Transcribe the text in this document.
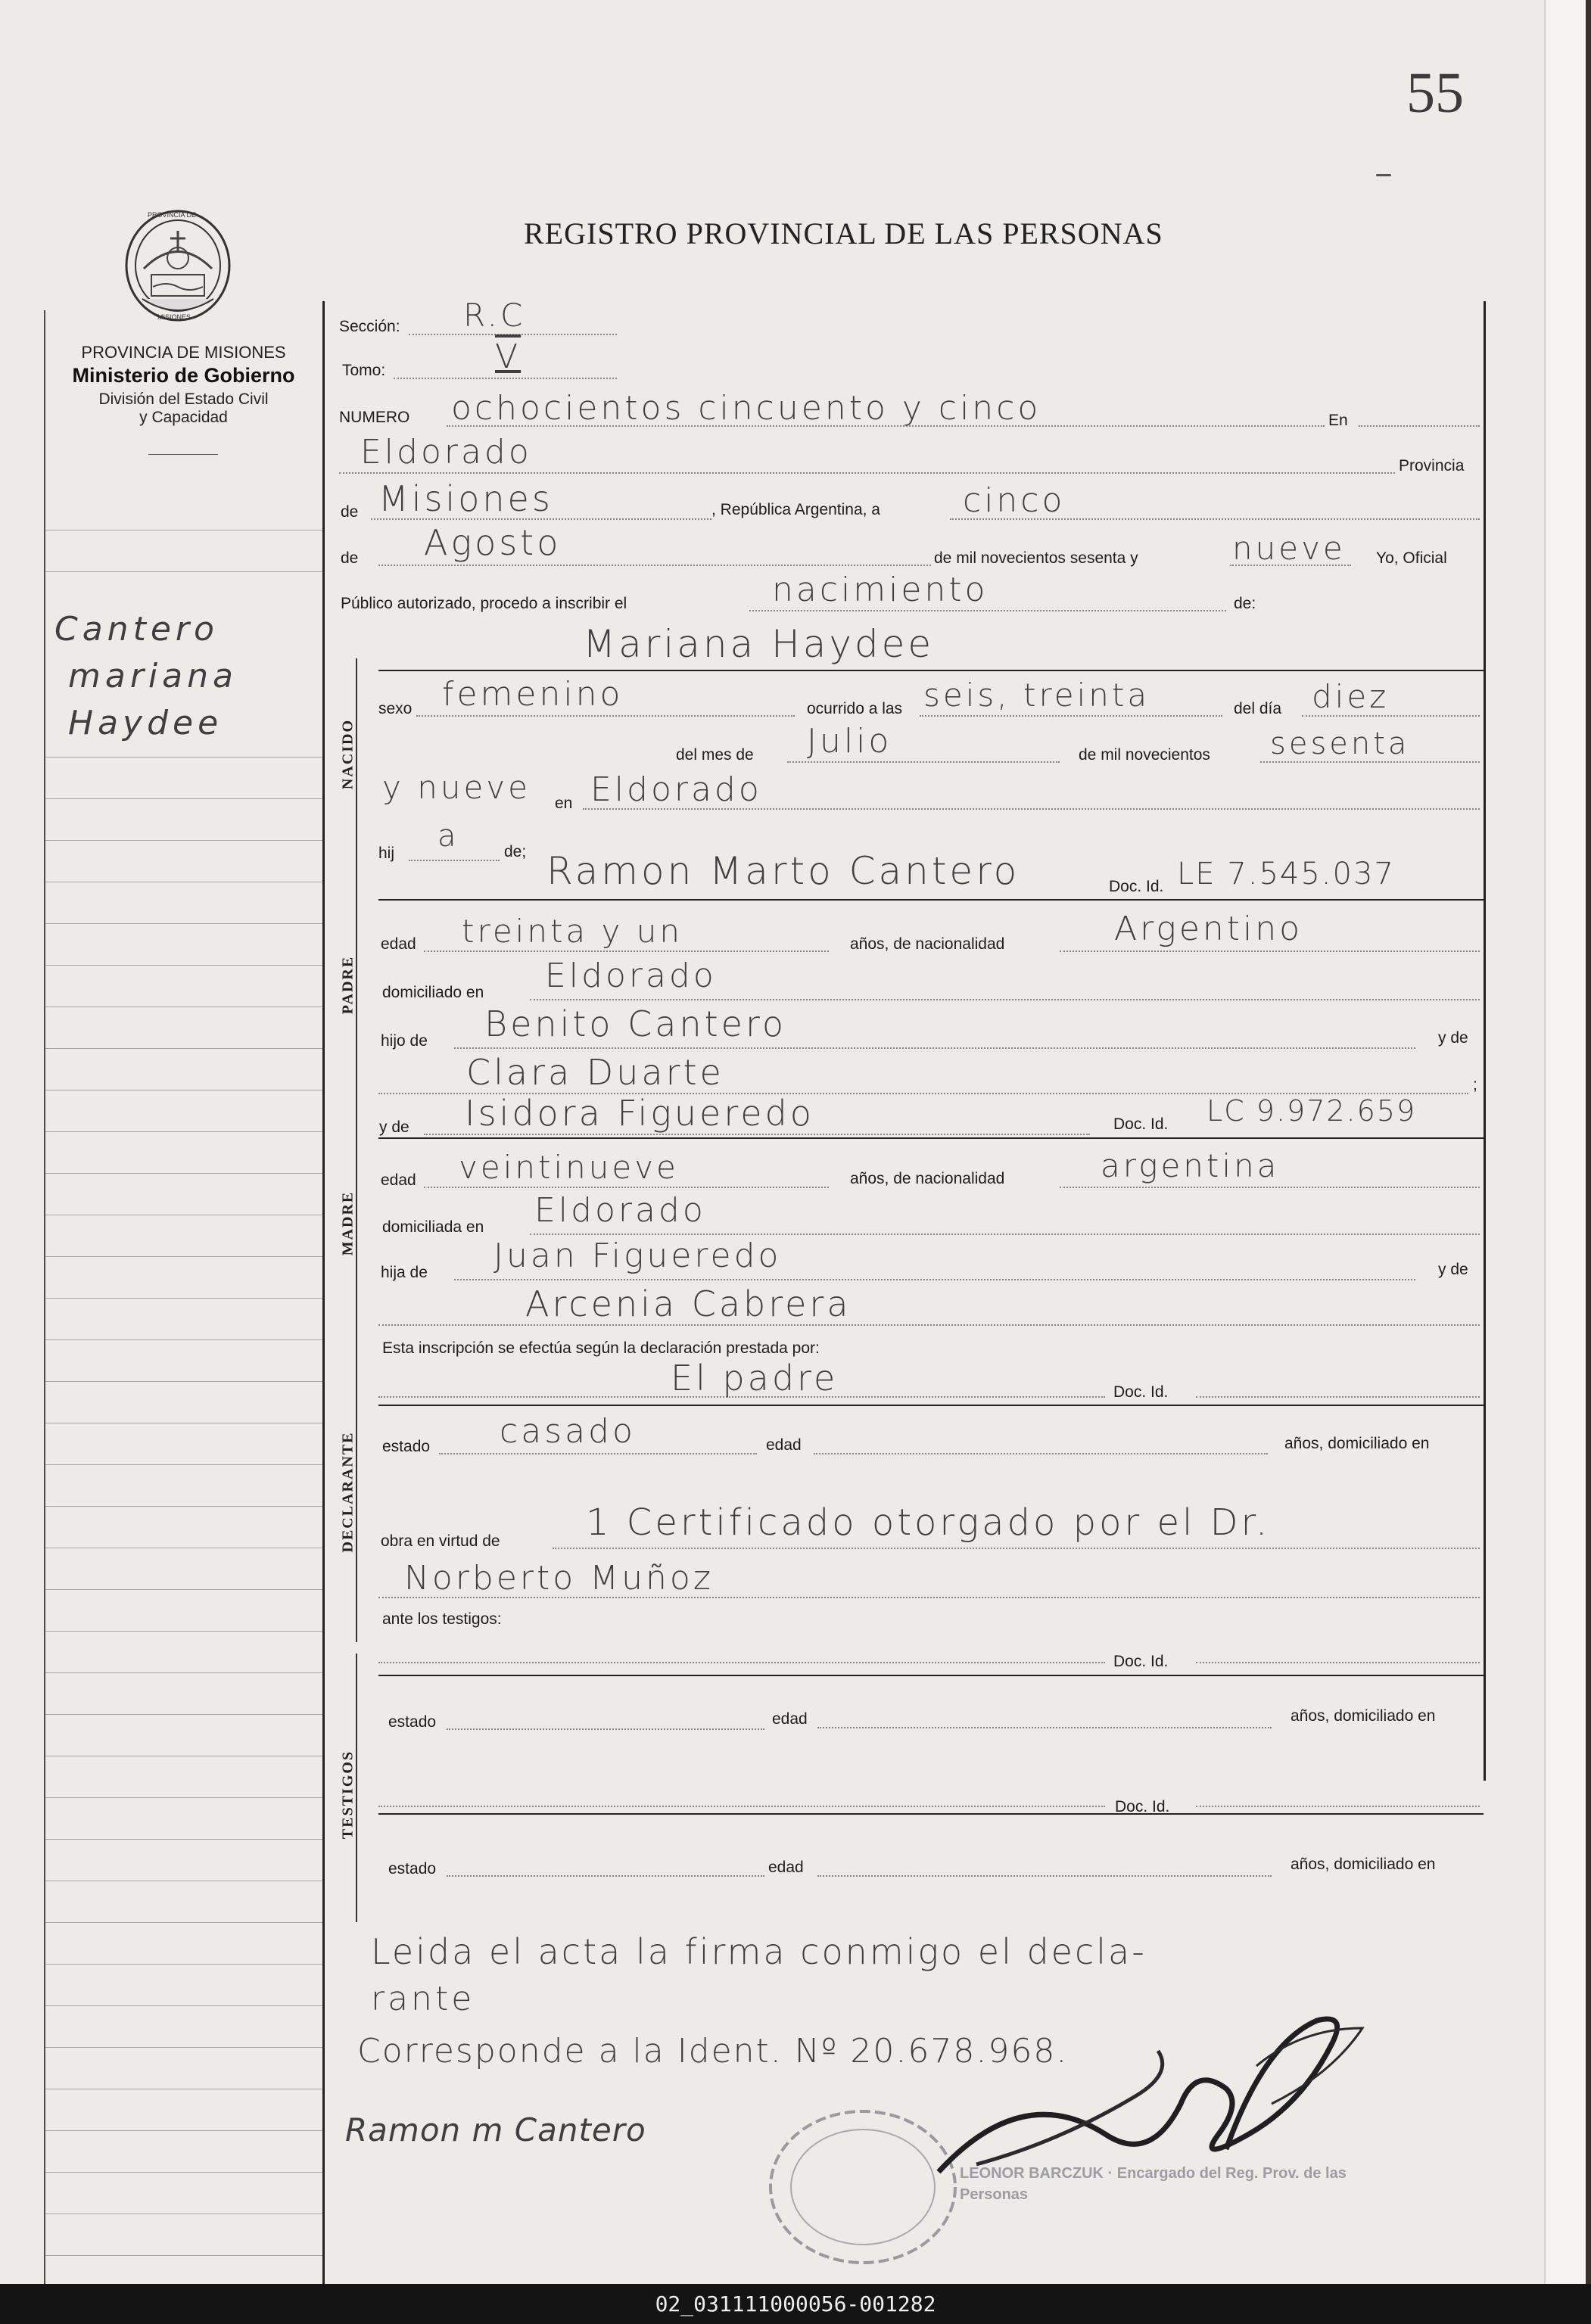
55
PROVINCIA DE
MISIONES
PROVINCIA DE MISIONES
Ministerio de Gobierno
División del Estado Civil
y Capacidad
REGISTRO PROVINCIAL DE LAS PERSONAS
Cantero
mariana
Haydee	NACIDO
PADRE
MADRE
DECLARANTE
TESTIGOS
Sección: R.C
Tomo:	V
NUMERO ochocientos cincuento y cinco	En
Eldorado	Provincia
de Misiones	, República Argentina, a cinco
de Agosto	de mil novecientos sesenta y	nueve Yo, Oficial
Público autorizado, procedo a inscribir el	nacimiento	de:
Mariana Haydee
sexo femenino	ocurrido a las seis, treinta	del día diez
del mes de Julio	de mil novecientos sesenta
y nueve en Eldorado
hij a	de; Ramon Marto Cantero	Doc. Id. LE 7.545.037
edad treinta y un	años, de nacionalidad	Argentino
domiciliado en Eldorado
hijo de Benito Cantero	y de
Clara Duarte	;
y de Isidora Figueredo	Doc. Id. LC 9.972.659
edad veintinueve	años, de nacionalidad	argentina
domiciliada en Eldorado
hija de Juan Figueredo	y de
Arcenia Cabrera
Esta inscripción se efectúa según la declaración prestada por:
El padre	Doc. Id.
estado casado	edad	años, domiciliado en
obra en virtud de 1 Certificado otorgado por el Dr.
Norberto Muñoz
ante los testigos:
Doc. Id.
estado	edad	años, domiciliado en
Doc. Id.
estado	edad	años, domiciliado en
Leida el acta la firma conmigo el decla-
rante
Corresponde a la Ident. Nº 20.678.968.
Ramon m Cantero
LEONOR BARCZUK · Encargado del Reg. Prov. de las Personas
02_031111000056-001282
